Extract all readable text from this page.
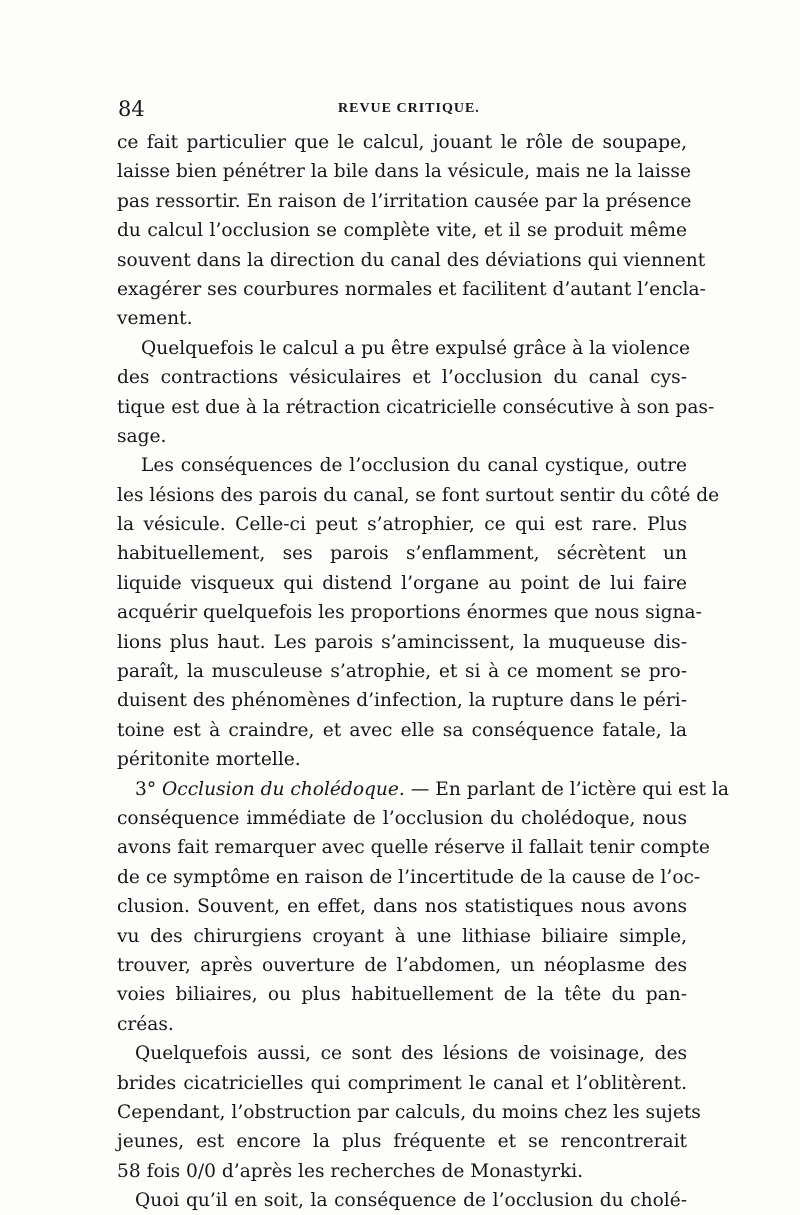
84	REVUE CRITIQUE.
ce fait particulier que le calcul, jouant le rôle de soupape,
laisse bien pénétrer la bile dans la vésicule, mais ne la laisse
pas ressortir. En raison de l’irritation causée par la présence
du calcul l’occlusion se complète vite, et il se produit même
souvent dans la direction du canal des déviations qui viennent
exagérer ses courbures normales et facilitent d’autant l’encla-
vement.
Quelquefois le calcul a pu être expulsé grâce à la violence
des contractions vésiculaires et l’occlusion du canal cys-
tique est due à la rétraction cicatricielle consécutive à son pas-
sage.
Les conséquences de l’occlusion du canal cystique, outre
les lésions des parois du canal, se font surtout sentir du côté de
la vésicule. Celle-ci peut s’atrophier, ce qui est rare. Plus
habituellement, ses parois s’enflamment, sécrètent un
liquide visqueux qui distend l’organe au point de lui faire
acquérir quelquefois les proportions énormes que nous signa-
lions plus haut. Les parois s’amincissent, la muqueuse dis-
paraît, la musculeuse s’atrophie, et si à ce moment se pro-
duisent des phénomènes d’infection, la rupture dans le péri-
toine est à craindre, et avec elle sa conséquence fatale, la
péritonite mortelle.
3° Occlusion du cholédoque. — En parlant de l’ictère qui est la
conséquence immédiate de l’occlusion du cholédoque, nous
avons fait remarquer avec quelle réserve il fallait tenir compte
de ce symptôme en raison de l’incertitude de la cause de l’oc-
clusion. Souvent, en effet, dans nos statistiques nous avons
vu des chirurgiens croyant à une lithiase biliaire simple,
trouver, après ouverture de l’abdomen, un néoplasme des
voies biliaires, ou plus habituellement de la tête du pan-
créas.
Quelquefois aussi, ce sont des lésions de voisinage, des
brides cicatricielles qui compriment le canal et l’oblitèrent.
Cependant, l’obstruction par calculs, du moins chez les sujets
jeunes, est encore la plus fréquente et se rencontrerait
58 fois 0/0 d’après les recherches de Monastyrki.
Quoi qu’il en soit, la conséquence de l’occlusion du cholé-
